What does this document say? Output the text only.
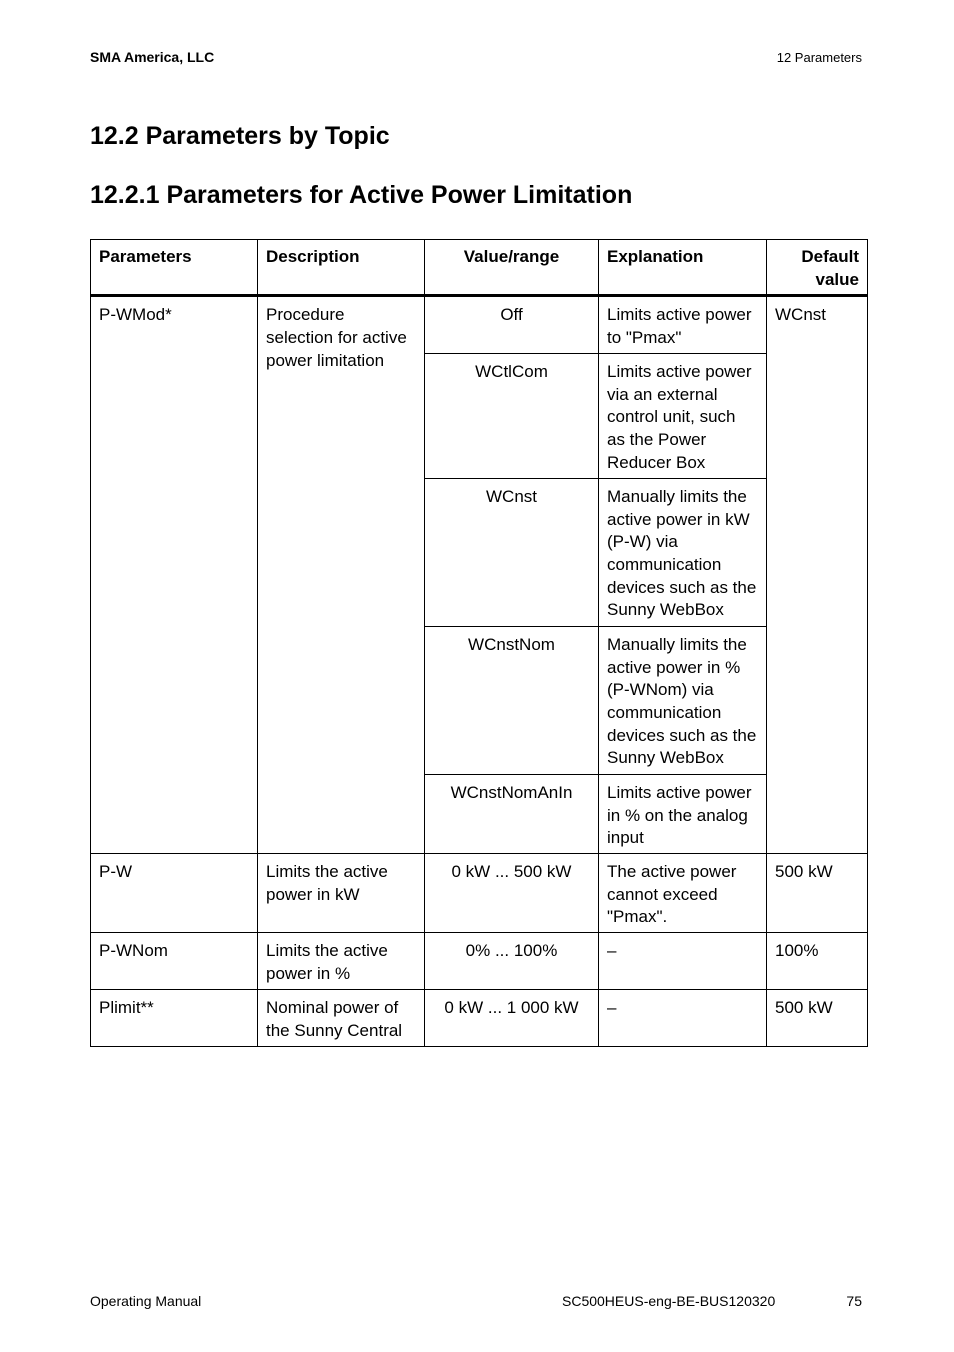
SMA America, LLC	12 Parameters
12.2 Parameters by Topic
12.2.1 Parameters for Active Power Limitation
Parameters	Description	Value/range	Explanation	Default value
P-WMod*	Procedure selection for active power limitation	Off	Limits active power to "Pmax"	WCnst
		WCtlCom	Limits active power via an external control unit, such as the Power Reducer Box	
		WCnst	Manually limits the active power in kW (P-W) via communication devices such as the Sunny WebBox	
		WCnstNom	Manually limits the active power in % (P-WNom) via communication devices such as the Sunny WebBox	
		WCnstNomAnIn	Limits active power in % on the analog input	
P-W	Limits the active power in kW	0 kW ... 500 kW	The active power cannot exceed "Pmax".	500 kW
P-WNom	Limits the active power in %	0% ... 100%	–	100%
Plimit**	Nominal power of the Sunny Central	0 kW ... 1 000 kW	–	500 kW
Operating Manual	SC500HEUS-eng-BE-BUS120320	75
